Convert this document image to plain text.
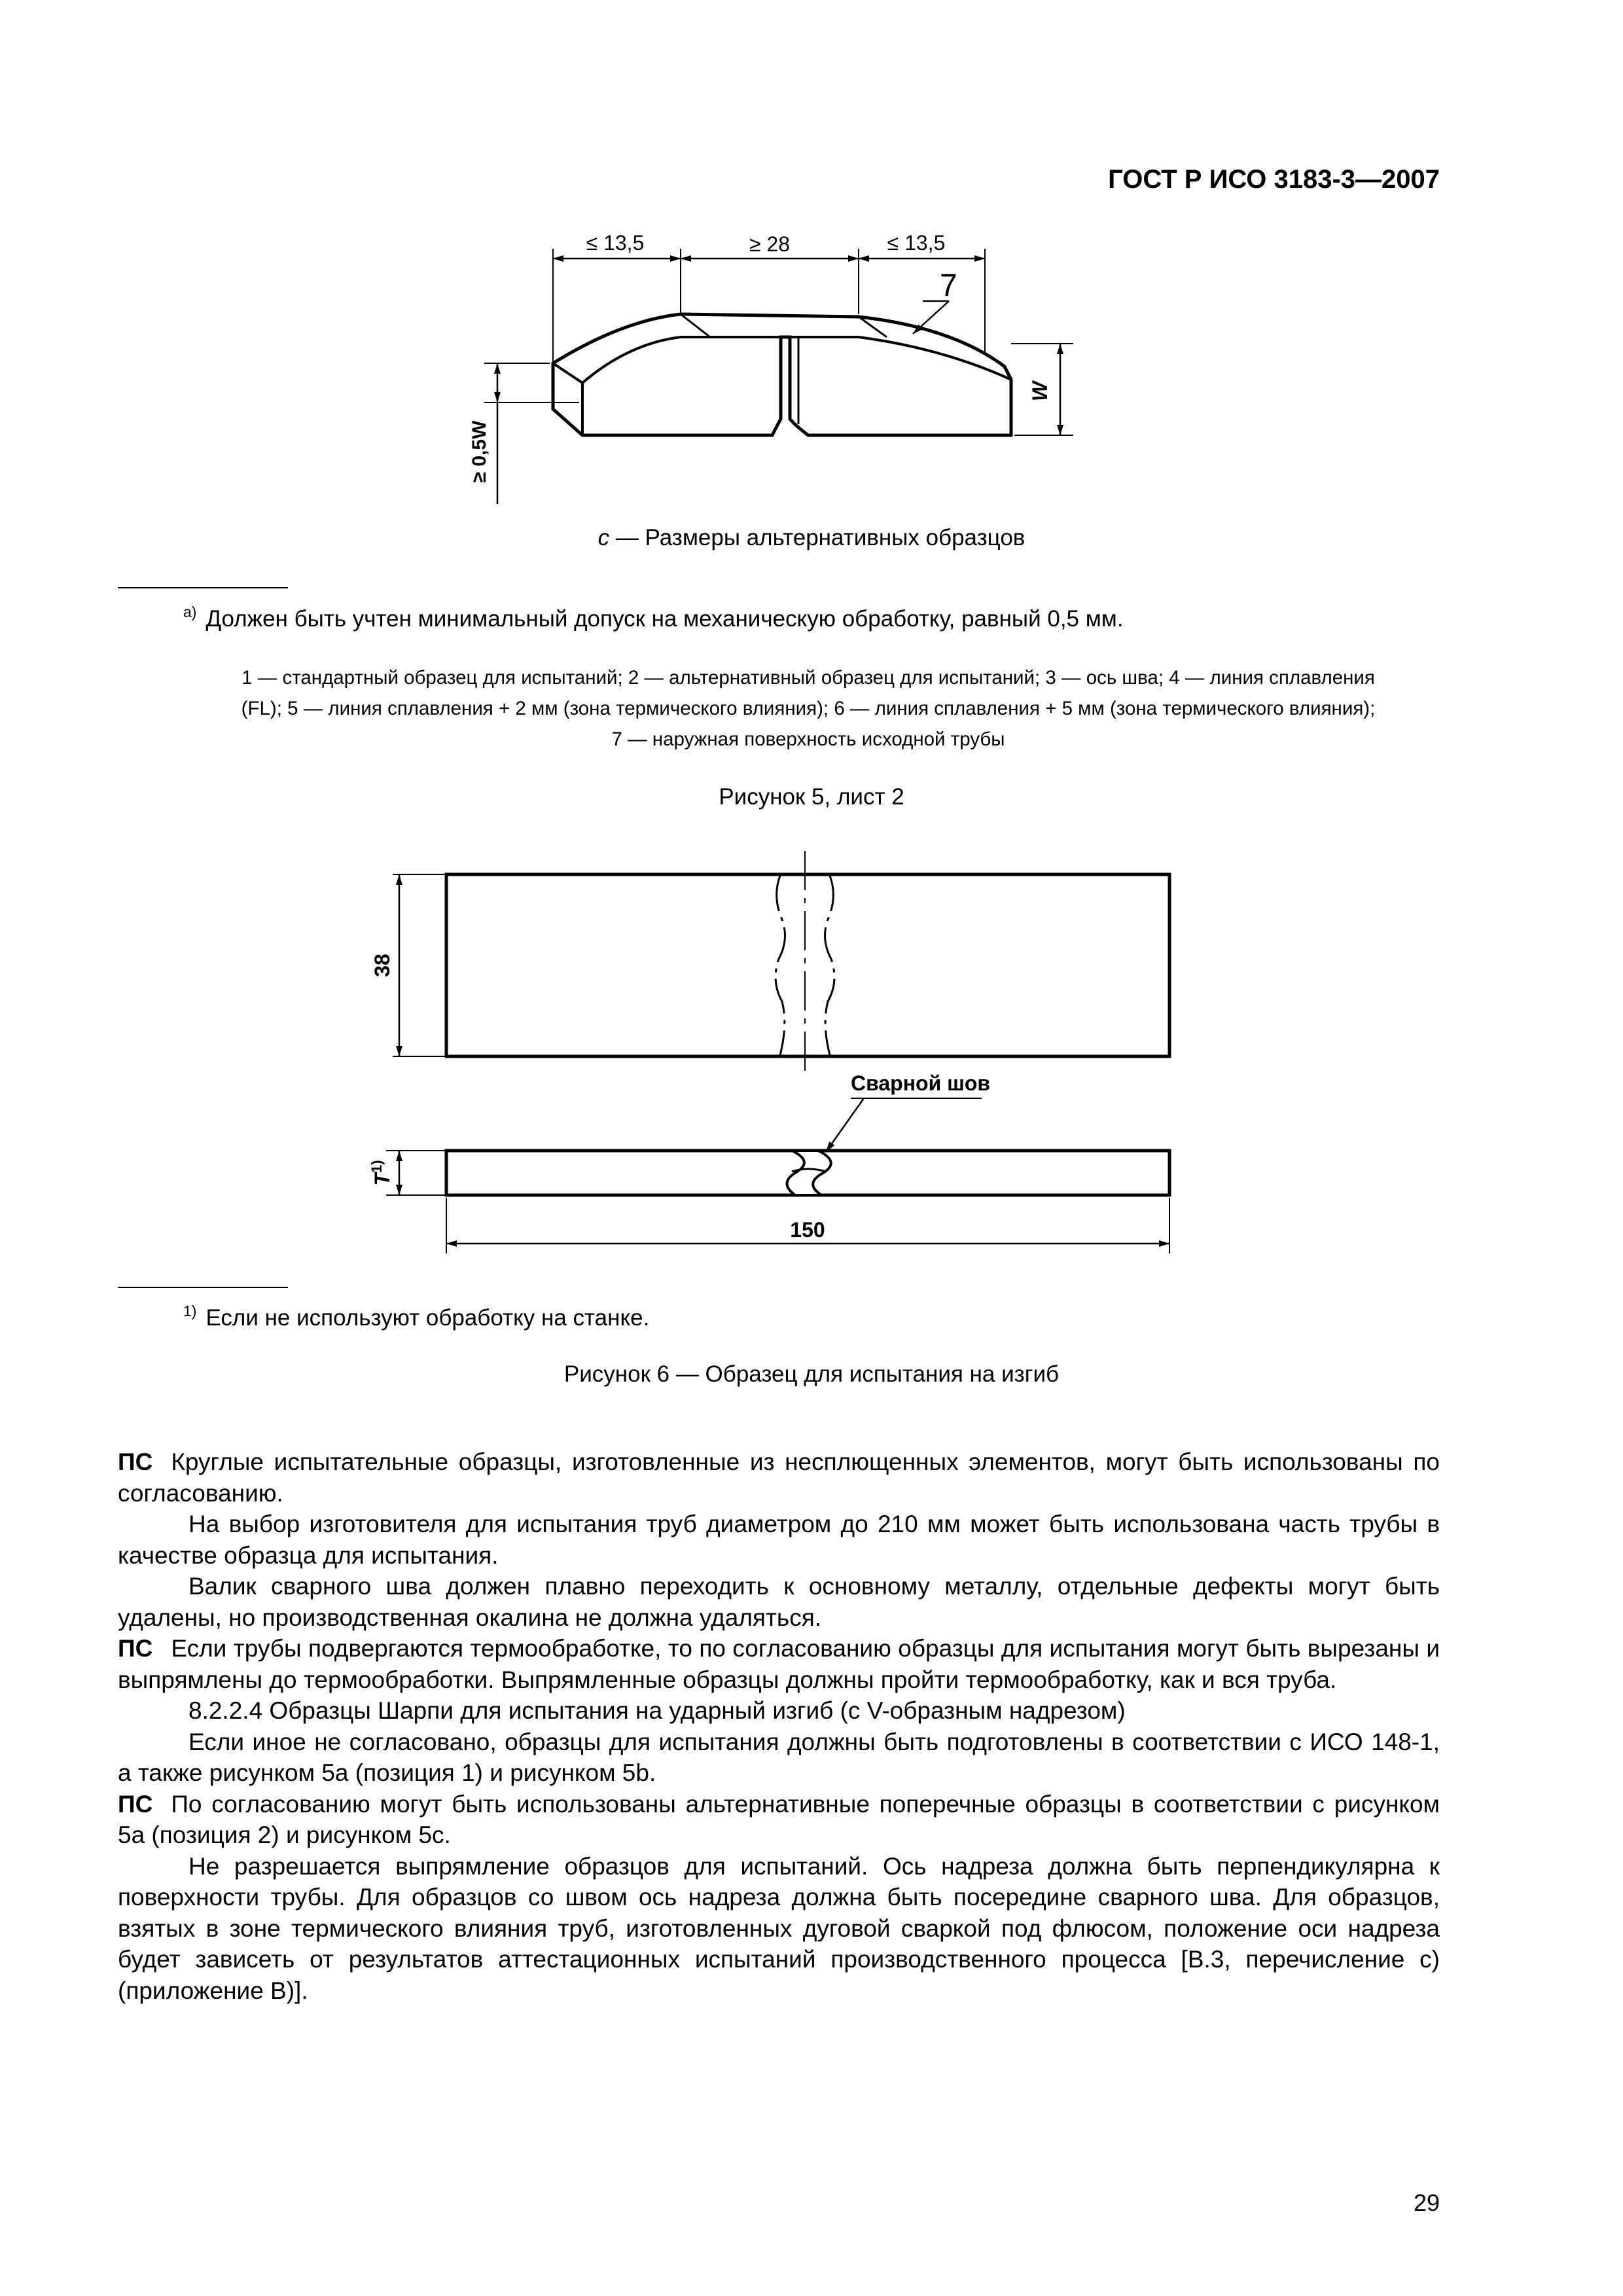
ГОСТ Р ИСО 3183-3—2007
≤ 13,5	≥ 28	≤ 13,5
7
W
≥ 0,5W
c — Размеры альтернативных образцов
$^{a)}$ Должен быть учтен минимальный допуск на механическую обработку, равный 0,5 мм.
1 — стандартный образец для испытаний; 2 — альтернативный образец для испытаний; 3 — ось шва; 4 — линия сплавления
(FL); 5 — линия сплавления + 2 мм (зона термического влияния); 6 — линия сплавления + 5 мм (зона термического влияния);
7 — наружная поверхность исходной трубы
Рисунок 5, лист 2
38
Сварной шов
$T^{1)}$
150
$^{1)}$ Если не используют обработку на станке.
Рисунок 6 — Образец для испытания на изгиб
ПС Круглые испытательные образцы, изготовленные из несплющенных элементов, могут быть использованы по согласованию.
На выбор изготовителя для испытания труб диаметром до 210 мм может быть использована часть трубы в качестве образца для испытания.
Валик сварного шва должен плавно переходить к основному металлу, отдельные дефекты могут быть удалены, но производственная окалина не должна удаляться.
ПС Если трубы подвергаются термообработке, то по согласованию образцы для испытания могут быть вырезаны и выпрямлены до термообработки. Выпрямленные образцы должны пройти термообработку, как и вся труба.
8.2.2.4 Образцы Шарпи для испытания на ударный изгиб (с V-образным надрезом)
Если иное не согласовано, образцы для испытания должны быть подготовлены в соответствии с ИСО 148-1, а также рисунком 5а (позиция 1) и рисунком 5b.
ПС По согласованию могут быть использованы альтернативные поперечные образцы в соответствии с рисунком 5а (позиция 2) и рисунком 5с.
Не разрешается выпрямление образцов для испытаний. Ось надреза должна быть перпендикулярна к поверхности трубы. Для образцов со швом ось надреза должна быть посередине сварного шва. Для образцов, взятых в зоне термического влияния труб, изготовленных дуговой сваркой под флюсом, положение оси надреза будет зависеть от результатов аттестационных испытаний производственного процесса [В.3, перечисление с) (приложение В)].
29
